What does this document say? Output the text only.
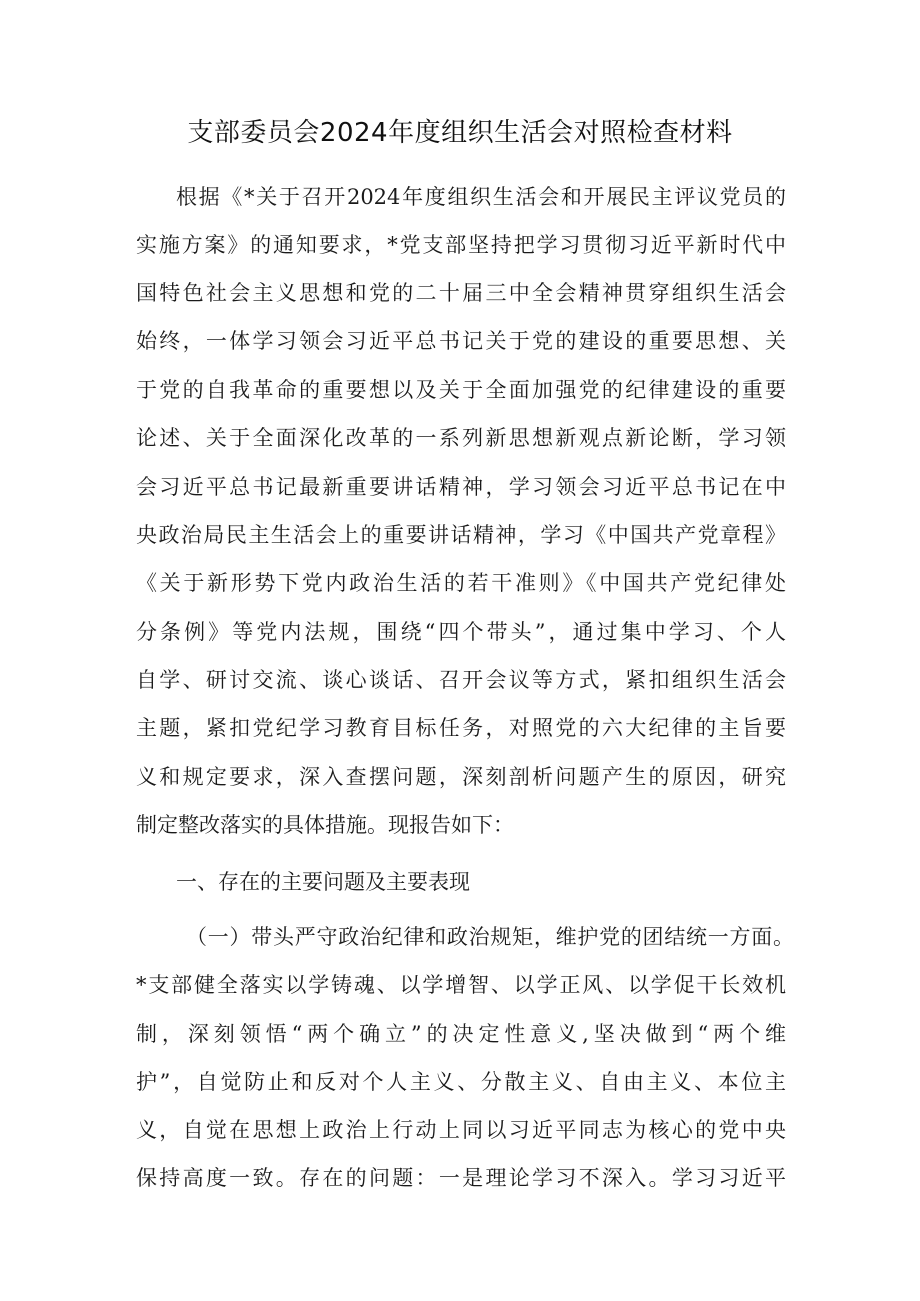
支部委员会2024年度组织生活会对照检查材料
根据《*关于召开2024年度组织生活会和开展民主评议党员的
实施方案》的通知要求，*党支部坚持把学习贯彻习近平新时代中
国特色社会主义思想和党的二十届三中全会精神贯穿组织生活会
始终，一体学习领会习近平总书记关于党的建设的重要思想、关
于党的自我革命的重要想以及关于全面加强党的纪律建设的重要
论述、关于全面深化改革的一系列新思想新观点新论断，学习领
会习近平总书记最新重要讲话精神，学习领会习近平总书记在中
央政治局民主生活会上的重要讲话精神，学习《中国共产党章程》
《关于新形势下党内政治生活的若干准则》《中国共产党纪律处
分条例》等党内法规，围绕“四个带头”，通过集中学习、个人
自学、研讨交流、谈心谈话、召开会议等方式，紧扣组织生活会
主题，紧扣党纪学习教育目标任务，对照党的六大纪律的主旨要
义和规定要求，深入查摆问题，深刻剖析问题产生的原因，研究
制定整改落实的具体措施。现报告如下：
一、存在的主要问题及主要表现
（一）带头严守政治纪律和政治规矩，维护党的团结统一方面。
*支部健全落实以学铸魂、以学增智、以学正风、以学促干长效机
制，深刻领悟“两个确立”的决定性意义,坚决做到“两个维
护”，自觉防止和反对个人主义、分散主义、自由主义、本位主
义，自觉在思想上政治上行动上同以习近平同志为核心的党中央
保持高度一致。存在的问题：一是理论学习不深入。学习习近平
